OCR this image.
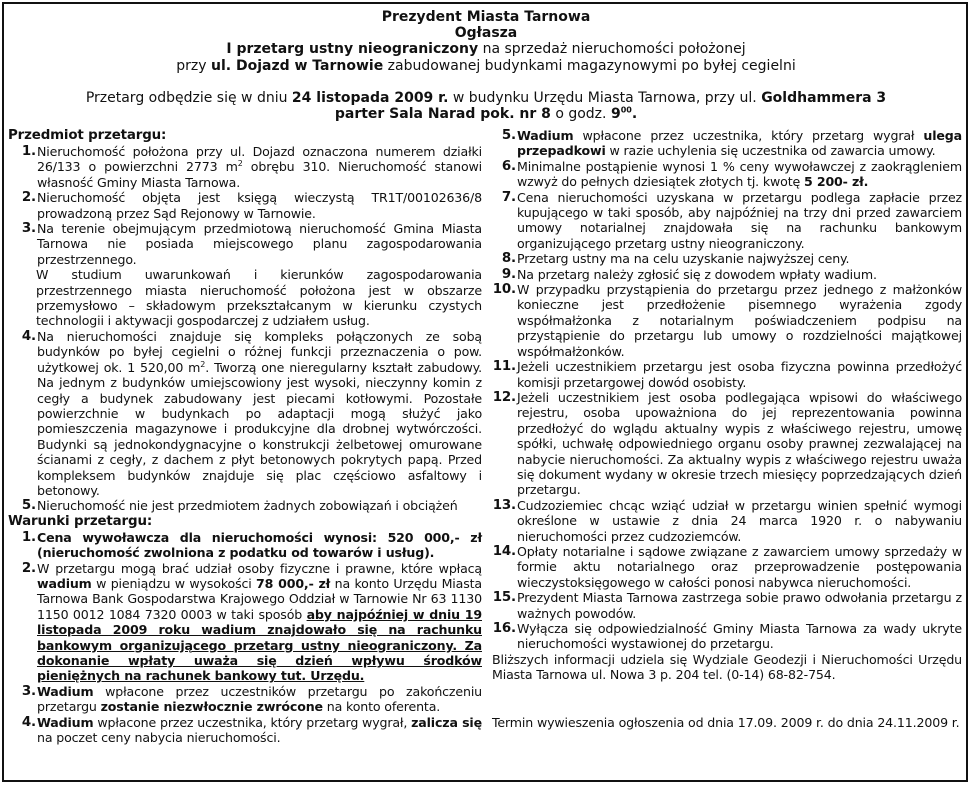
Prezydent Miasta Tarnowa
Ogłasza
I przetarg ustny nieograniczony na sprzedaż nieruchomości położonej
przy ul. Dojazd w Tarnowie zabudowanej budynkami magazynowymi po byłej cegielni
Przetarg odbędzie się w dniu 24 listopada 2009 r. w budynku Urzędu Miasta Tarnowa, przy ul. Goldhammera 3
parter Sala Narad pok. nr 8 o godz. $9^{00}$.
Przedmiot przetargu:
1. Nieruchomość położona przy ul. Dojazd oznaczona numerem działki 26/133 o powierzchni 2773 $m^2$ obrębu 310. Nieruchomość stanowi własność Gminy Miasta Tarnowa.
2. Nieruchomość objęta jest księgą wieczystą TR1T/00102636/8 prowadzoną przez Sąd Rejonowy w Tarnowie.
3. Na terenie obejmującym przedmiotową nieruchomość Gmina Miasta Tarnowa nie posiada miejscowego planu zagospodarowania przestrzennego.
W studium uwarunkowań i kierunków zagospodarowania przestrzennego miasta nieruchomość położona jest w obszarze przemysłowo – składowym przekształcanym w kierunku czystych technologii i aktywacji gospodarczej z udziałem usług.
4. Na nieruchomości znajduje się kompleks połączonych ze sobą budynków po byłej cegielni o różnej funkcji przeznaczenia o pow. użytkowej ok. 1 520,00 $m^2$. Tworzą one nieregularny kształt zabudowy. Na jednym z budynków umiejscowiony jest wysoki, nieczynny komin z cegły a budynek zabudowany jest piecami kotłowymi. Pozostałe powierzchnie w budynkach po adaptacji mogą służyć jako pomieszczenia magazynowe i produkcyjne dla drobnej wytwórczości. Budynki są jednokondygnacyjne o konstrukcji żelbetowej omurowane ścianami z cegły, z dachem z płyt betonowych pokrytych papą. Przed kompleksem budynków znajduje się plac częściowo asfaltowy i betonowy.
5. Nieruchomość nie jest przedmiotem żadnych zobowiązań i obciążeń
Warunki przetargu:
1. Cena wywoławcza dla nieruchomości wynosi: 520 000,- zł (nieruchomość zwolniona z podatku od towarów i usług).
2. W przetargu mogą brać udział osoby fizyczne i prawne, które wpłacą wadium w pieniądzu w wysokości 78 000,- zł na konto Urzędu Miasta Tarnowa Bank Gospodarstwa Krajowego Oddział w Tarnowie Nr 63 1130 1150 0012 1084 7320 0003 w taki sposób aby najpóźniej w dniu 19 listopada 2009 roku wadium znajdowało się na rachunku bankowym organizującego przetarg ustny nieograniczony. Za dokonanie wpłaty uważa się dzień wpływu środków pieniężnych na rachunek bankowy tut. Urzędu.
3. Wadium wpłacone przez uczestników przetargu po zakończeniu przetargu zostanie niezwłocznie zwrócone na konto oferenta.
4. Wadium wpłacone przez uczestnika, który przetarg wygrał, zalicza się na poczet ceny nabycia nieruchomości.
5. Wadium wpłacone przez uczestnika, który przetarg wygrał ulega przepadkowi w razie uchylenia się uczestnika od zawarcia umowy.
6. Minimalne postąpienie wynosi 1 % ceny wywoławczej z zaokrągleniem wzwyż do pełnych dziesiątek złotych tj. kwotę 5 200- zł.
7. Cena nieruchomości uzyskana w przetargu podlega zapłacie przez kupującego w taki sposób, aby najpóźniej na trzy dni przed zawarciem umowy notarialnej znajdowała się na rachunku bankowym organizującego przetarg ustny nieograniczony.
8. Przetarg ustny ma na celu uzyskanie najwyższej ceny.
9. Na przetarg należy zgłosić się z dowodem wpłaty wadium.
10. W przypadku przystąpienia do przetargu przez jednego z małżonków konieczne jest przedłożenie pisemnego wyrażenia zgody współmałżonka z notarialnym poświadczeniem podpisu na przystąpienie do przetargu lub umowy o rozdzielności majątkowej współmałżonków.
11. Jeżeli uczestnikiem przetargu jest osoba fizyczna powinna przedłożyć komisji przetargowej dowód osobisty.
12. Jeżeli uczestnikiem jest osoba podlegająca wpisowi do właściwego rejestru, osoba upoważniona do jej reprezentowania powinna przedłożyć do wglądu aktualny wypis z właściwego rejestru, umowę spółki, uchwałę odpowiedniego organu osoby prawnej zezwalającej na nabycie nieruchomości. Za aktualny wypis z właściwego rejestru uważa się dokument wydany w okresie trzech miesięcy poprzedzających dzień przetargu.
13. Cudzoziemiec chcąc wziąć udział w przetargu winien spełnić wymogi określone w ustawie z dnia 24 marca 1920 r. o nabywaniu nieruchomości przez cudzoziemców.
14. Opłaty notarialne i sądowe związane z zawarciem umowy sprzedaży w formie aktu notarialnego oraz przeprowadzenie postępowania wieczystoksięgowego w całości ponosi nabywca nieruchomości.
15. Prezydent Miasta Tarnowa zastrzega sobie prawo odwołania przetargu z ważnych powodów.
16. Wyłącza się odpowiedzialność Gminy Miasta Tarnowa za wady ukryte nieruchomości wystawionej do przetargu.
Bliższych informacji udziela się Wydziale Geodezji i Nieruchomości Urzędu Miasta Tarnowa ul. Nowa 3 p. 204 tel. (0-14) 68-82-754.
Termin wywieszenia ogłoszenia od dnia 17.09. 2009 r. do dnia 24.11.2009 r.
